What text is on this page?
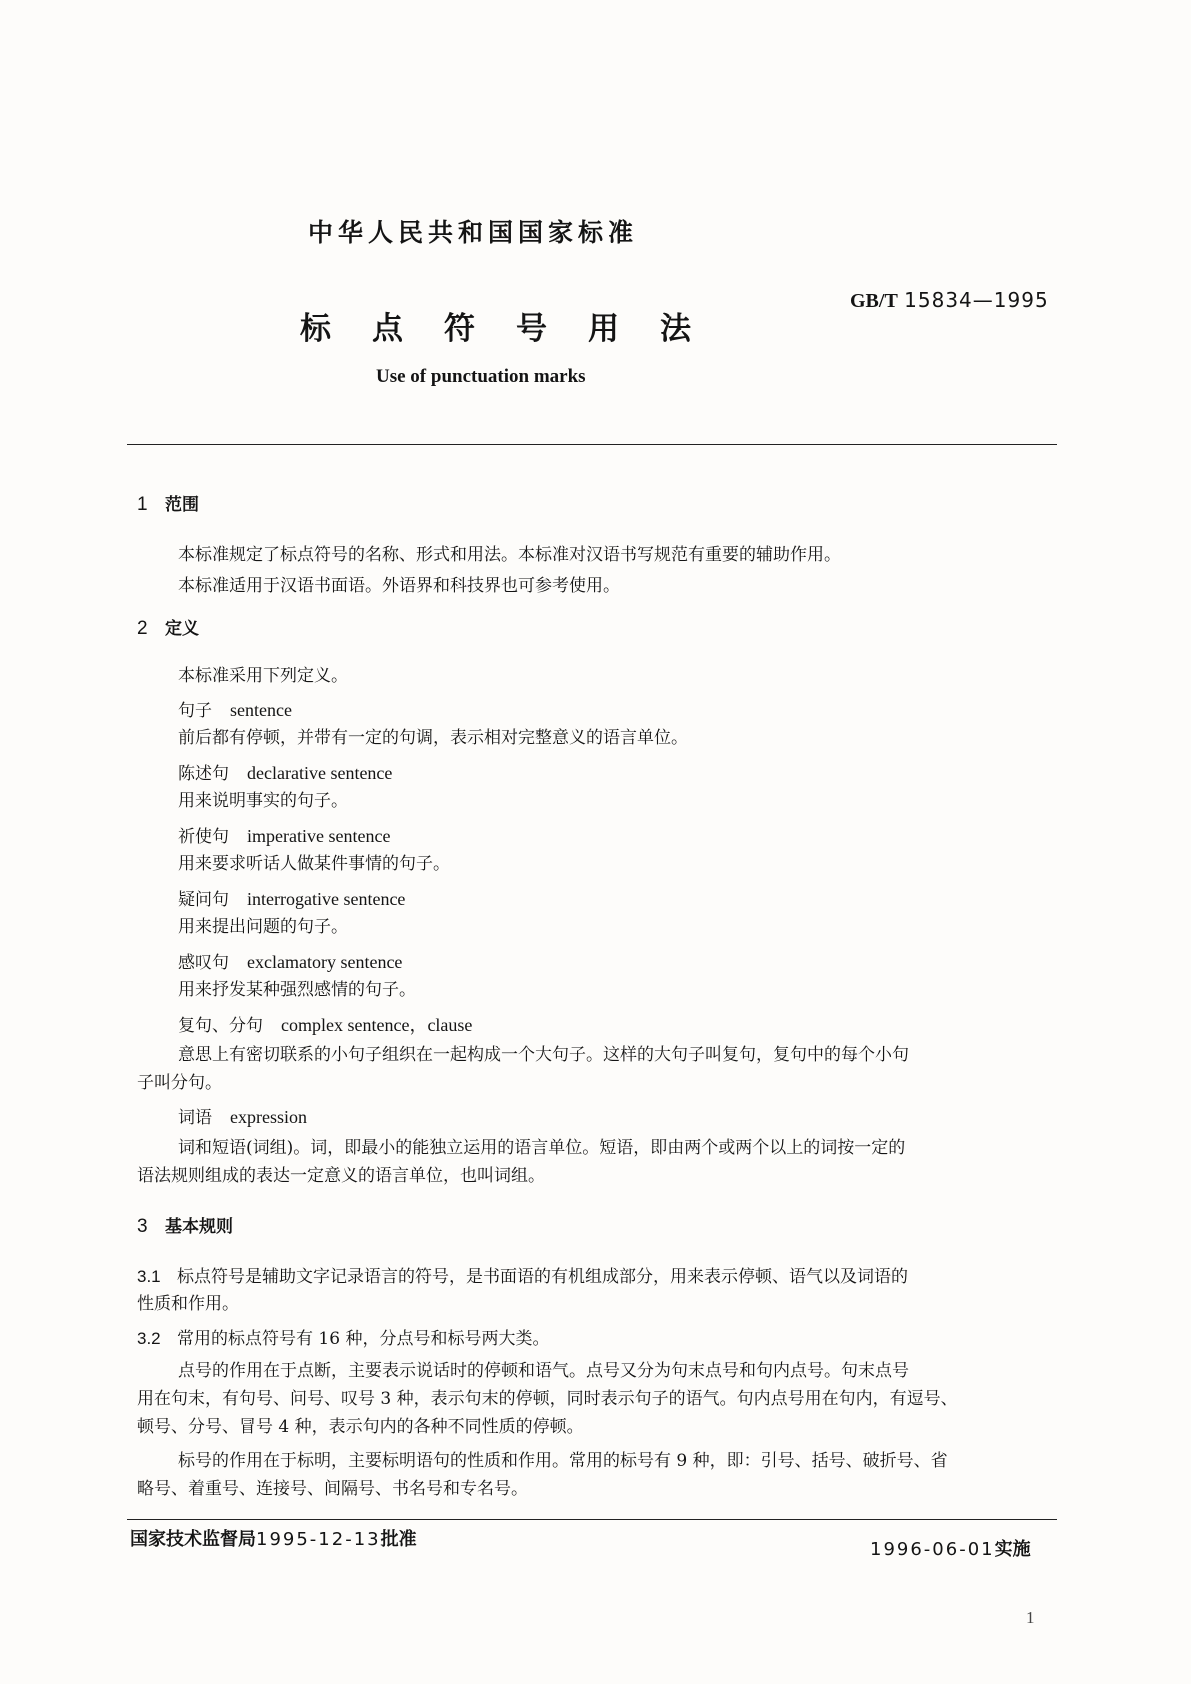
中华人民共和国国家标准
GB/T 15834—1995
标点符号用法
Use of punctuation marks
1 范围
本标准规定了标点符号的名称、形式和用法。本标准对汉语书写规范有重要的辅助作用。
本标准适用于汉语书面语。外语界和科技界也可参考使用。
2 定义
本标准采用下列定义。
句子 sentence
前后都有停顿，并带有一定的句调，表示相对完整意义的语言单位。
陈述句 declarative sentence
用来说明事实的句子。
祈使句 imperative sentence
用来要求听话人做某件事情的句子。
疑问句 interrogative sentence
用来提出问题的句子。
感叹句 exclamatory sentence
用来抒发某种强烈感情的句子。
复句、分句 complex sentence，clause
意思上有密切联系的小句子组织在一起构成一个大句子。这样的大句子叫复句，复句中的每个小句
子叫分句。
词语 expression
词和短语(词组)。词，即最小的能独立运用的语言单位。短语，即由两个或两个以上的词按一定的
语法规则组成的表达一定意义的语言单位，也叫词组。
3 基本规则
3.1 标点符号是辅助文字记录语言的符号，是书面语的有机组成部分，用来表示停顿、语气以及词语的
性质和作用。
3.2 常用的标点符号有 16 种，分点号和标号两大类。
点号的作用在于点断，主要表示说话时的停顿和语气。点号又分为句末点号和句内点号。句末点号
用在句末，有句号、问号、叹号 3 种，表示句末的停顿，同时表示句子的语气。句内点号用在句内，有逗号、
顿号、分号、冒号 4 种，表示句内的各种不同性质的停顿。
标号的作用在于标明，主要标明语句的性质和作用。常用的标号有 9 种，即：引号、括号、破折号、省
略号、着重号、连接号、间隔号、书名号和专名号。
国家技术监督局1995-12-13批准	1996-06-01实施
1
